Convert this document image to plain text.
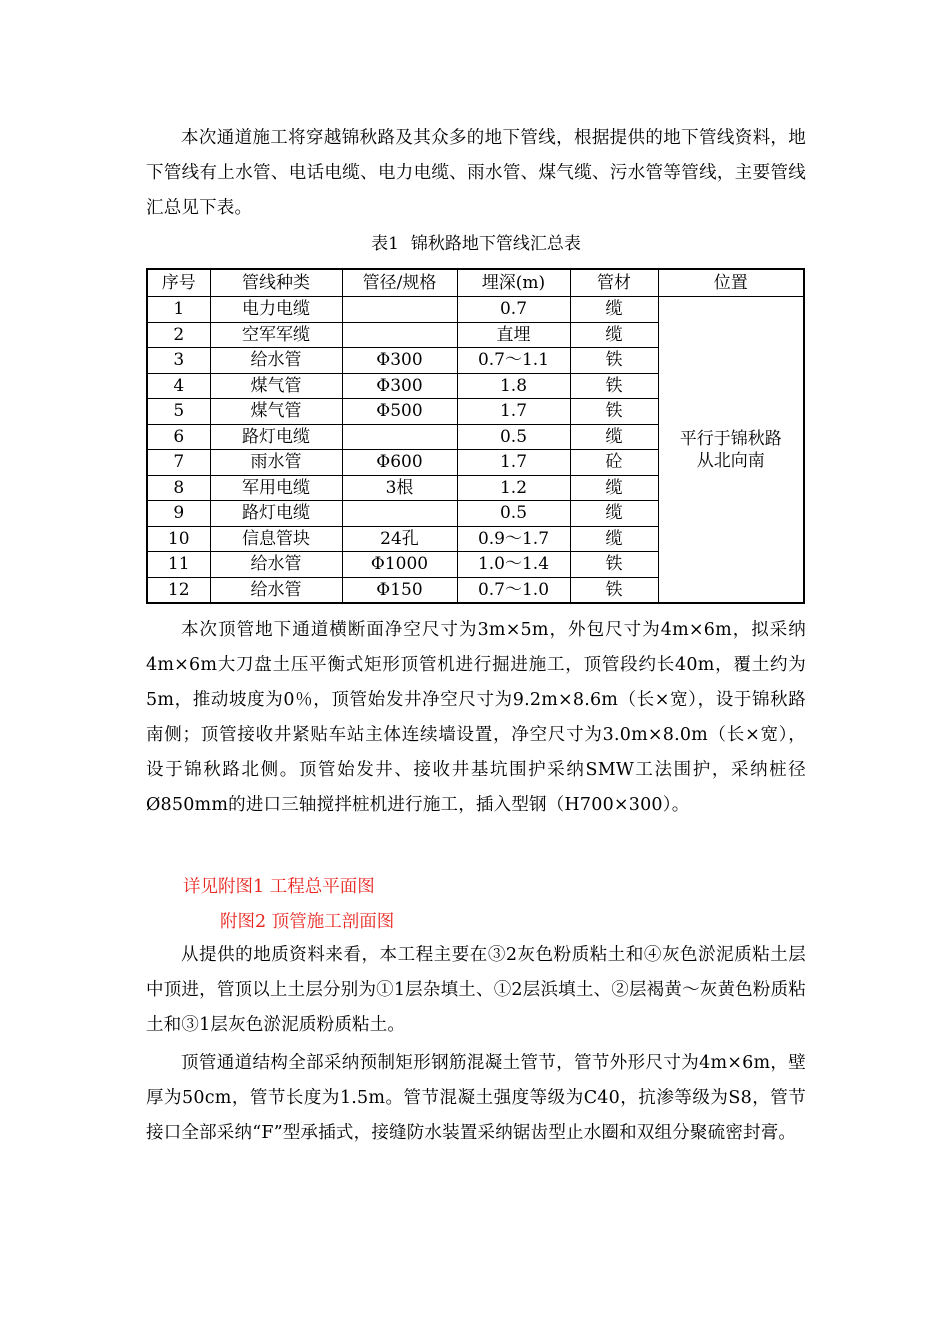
本次通道施工将穿越锦秋路及其众多的地下管线，根据提供的地下管线资料，地下管线有上水管、电话电缆、电力电缆、雨水管、煤气缆、污水管等管线，主要管线汇总见下表。

表1 锦秋路地下管线汇总表
序号	管线种类	管径/规格	埋深(m)	管材	位置
1	电力电缆		0.7	缆	平行于锦秋路
从北向南

2	空军军缆		直埋	缆	
3	给水管	Φ300	0.7～1.1	铁	
4	煤气管	Φ300	1.8	铁	
5	煤气管	Φ500	1.7	铁	
6	路灯电缆		0.5	缆	
7	雨水管	Φ600	1.7	砼	
8	军用电缆	3根	1.2	缆	
9	路灯电缆		0.5	缆	
10	信息管块	24孔	0.9～1.7	缆	
11	给水管	Φ1000	1.0～1.4	铁	
12	给水管	Φ150	0.7～1.0	铁	

本次顶管地下通道横断面净空尺寸为3m×5m，外包尺寸为4m×6m，拟采纳4m×6m大刀盘土压平衡式矩形顶管机进行掘进施工，顶管段约长40m，覆土约为5m，推动坡度为0％，顶管始发井净空尺寸为9.2m×8.6m（长×宽），设于锦秋路南侧；顶管接收井紧贴车站主体连续墙设置，净空尺寸为3.0m×8.0m（长×宽），设于锦秋路北侧。顶管始发井、接收井基坑围护采纳SMW工法围护，采纳桩径Ø850mm的进口三轴搅拌桩机进行施工，插入型钢（H700×300）。

详见附图1 工程总平面图
附图2 顶管施工剖面图

从提供的地质资料来看，本工程主要在③2灰色粉质粘土和④灰色淤泥质粘土层中顶进，管顶以上土层分别为①1层杂填土、①2层浜填土、②层褐黄～灰黄色粉质粘土和③1层灰色淤泥质粉质粘土。

顶管通道结构全部采纳预制矩形钢筋混凝土管节，管节外形尺寸为4m×6m，壁厚为50cm，管节长度为1.5m。管节混凝土强度等级为C40，抗渗等级为S8，管节接口全部采纳“F”型承插式，接缝防水装置采纳锯齿型止水圈和双组分聚硫密封膏。
